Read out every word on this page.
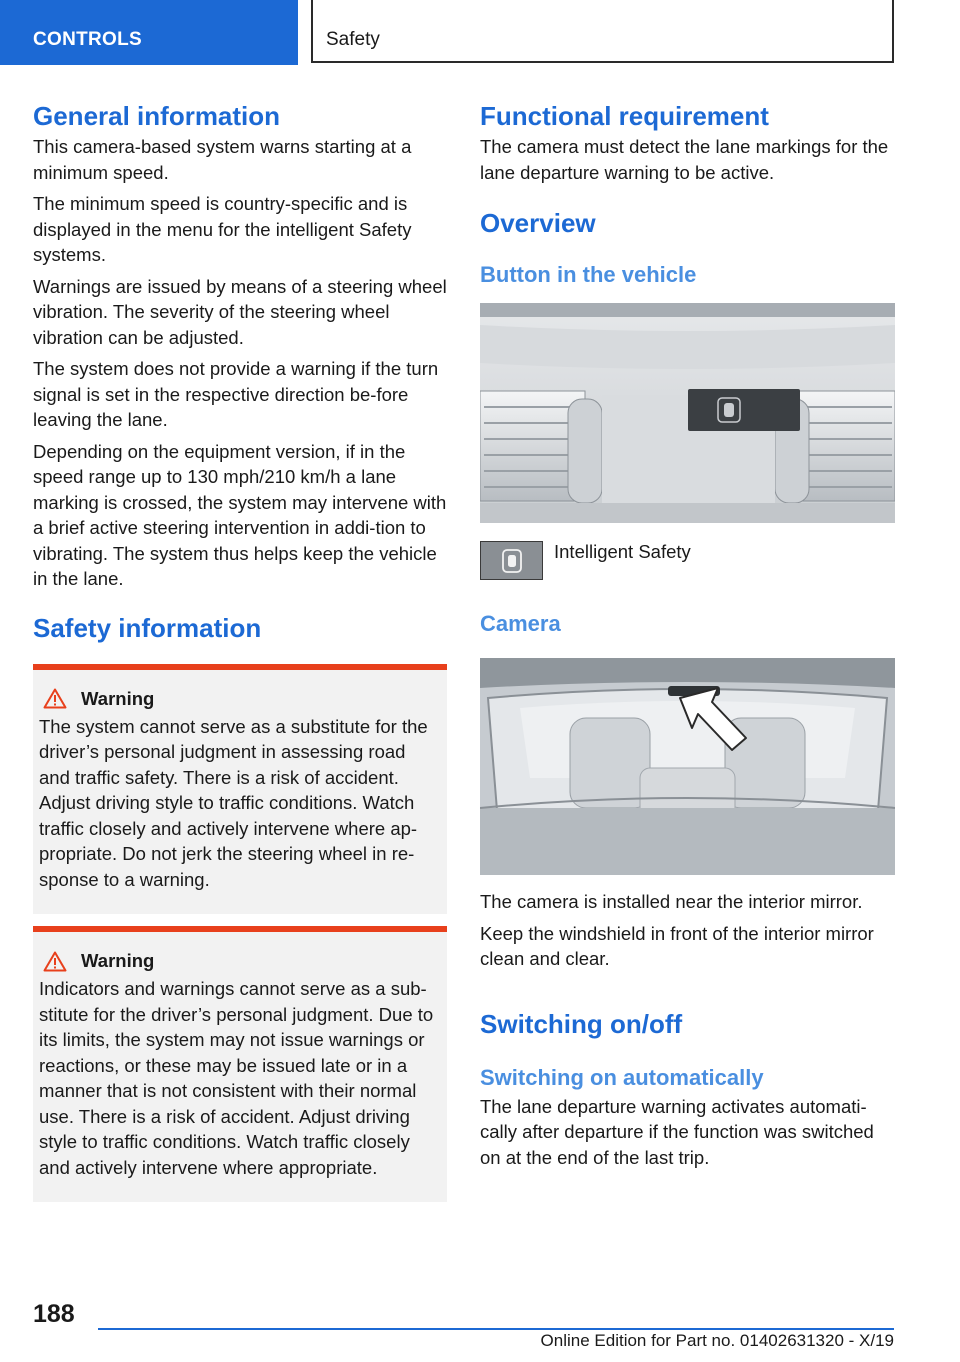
CONTROLS	Safety
General information

This camera-based system warns starting at a minimum speed.

The minimum speed is country-specific and is displayed in the menu for the intelligent Safety systems.

Warnings are issued by means of a steering wheel vibration. The severity of the steering wheel vibration can be adjusted.

The system does not provide a warning if the turn signal is set in the respective direction be-fore leaving the lane.

Depending on the equipment version, if in the speed range up to 130 mph/210 km/h a lane marking is crossed, the system may intervene with a brief active steering intervention in addi-tion to vibrating. The system thus helps keep the vehicle in the lane.

Safety information
Warning

The system cannot serve as a substitute for the driver’s personal judgment in assessing road and traffic safety. There is a risk of accident. Adjust driving style to traffic conditions. Watch traffic closely and actively intervene where ap-propriate. Do not jerk the steering wheel in re-sponse to a warning.

Warning

Indicators and warnings cannot serve as a sub-stitute for the driver’s personal judgment. Due to its limits, the system may not issue warnings or reactions, or these may be issued late or in a manner that is not consistent with their normal use. There is a risk of accident. Adjust driving style to traffic conditions. Watch traffic closely and actively intervene where appropriate.

Functional requirement

The camera must detect the lane markings for the lane departure warning to be active.

Overview
Button in the vehicle

Intelligent Safety

Camera

The camera is installed near the interior mirror.

Keep the windshield in front of the interior mirror clean and clear.

Switching on/off
Switching on automatically

The lane departure warning activates automati-cally after departure if the function was switched on at the end of the last trip.

188
Online Edition for Part no. 01402631320 - X/19
